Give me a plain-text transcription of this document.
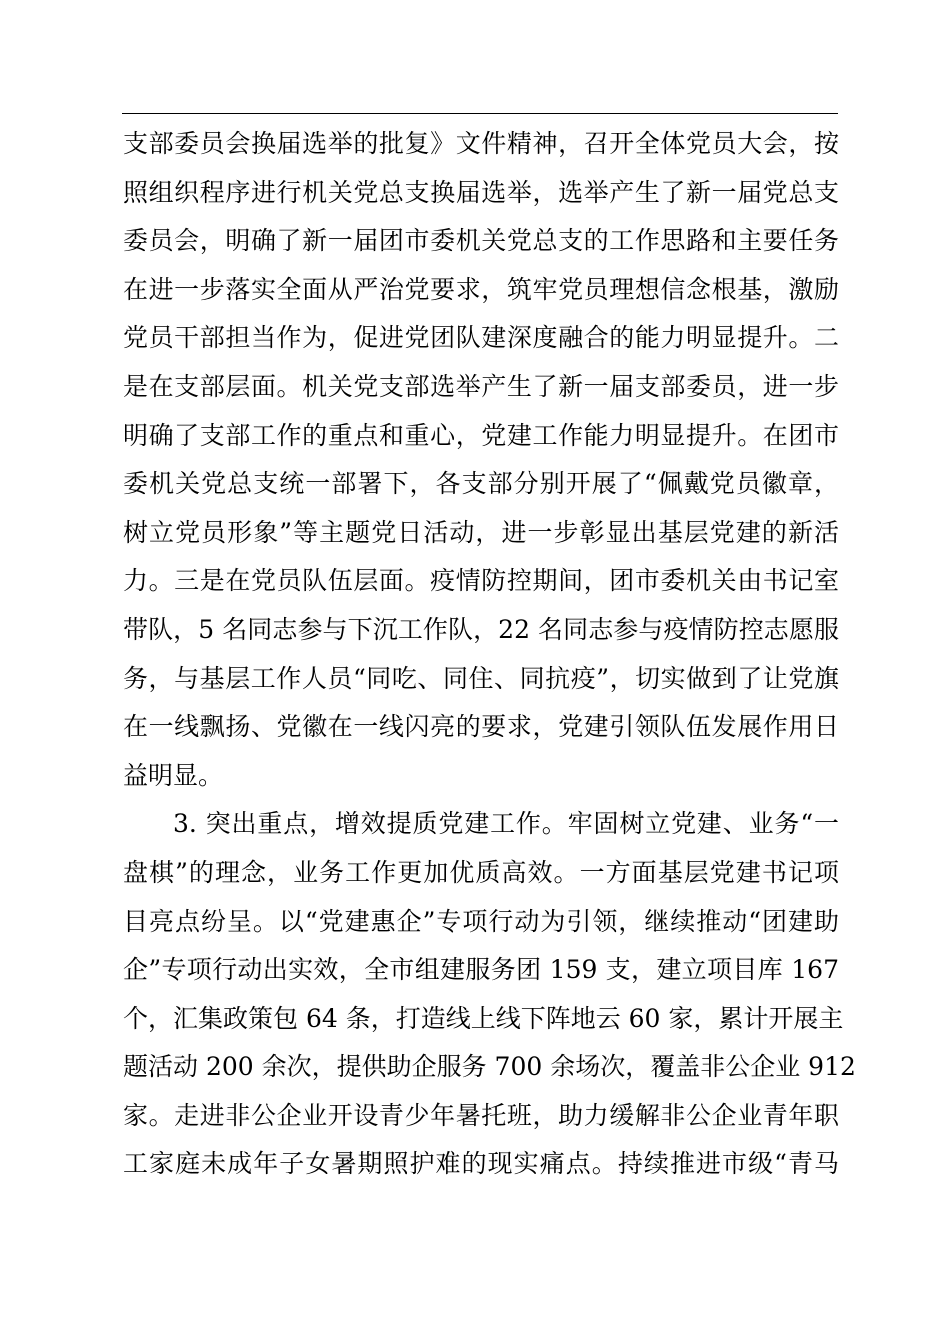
支部委员会换届选举的批复》文件精神，召开全体党员大会，按
照组织程序进行机关党总支换届选举，选举产生了新一届党总支
委员会，明确了新一届团市委机关党总支的工作思路和主要任务
在进一步落实全面从严治党要求，筑牢党员理想信念根基，激励
党员干部担当作为，促进党团队建深度融合的能力明显提升。二
是在支部层面。机关党支部选举产生了新一届支部委员，进一步
明确了支部工作的重点和重心，党建工作能力明显提升。在团市
委机关党总支统一部署下，各支部分别开展了“佩戴党员徽章，
树立党员形象”等主题党日活动，进一步彰显出基层党建的新活
力。三是在党员队伍层面。疫情防控期间，团市委机关由书记室
带队，5 名同志参与下沉工作队，22 名同志参与疫情防控志愿服
务，与基层工作人员“同吃、同住、同抗疫”，切实做到了让党旗
在一线飘扬、党徽在一线闪亮的要求，党建引领队伍发展作用日
益明显。
3. 突出重点，增效提质党建工作。牢固树立党建、业务“一
盘棋”的理念，业务工作更加优质高效。一方面基层党建书记项
目亮点纷呈。以“党建惠企”专项行动为引领，继续推动“团建助
企”专项行动出实效，全市组建服务团 159 支，建立项目库 167
个，汇集政策包 64 条，打造线上线下阵地云 60 家，累计开展主
题活动 200 余次，提供助企服务 700 余场次，覆盖非公企业 912
家。走进非公企业开设青少年暑托班，助力缓解非公企业青年职
工家庭未成年子女暑期照护难的现实痛点。持续推进市级“青马
